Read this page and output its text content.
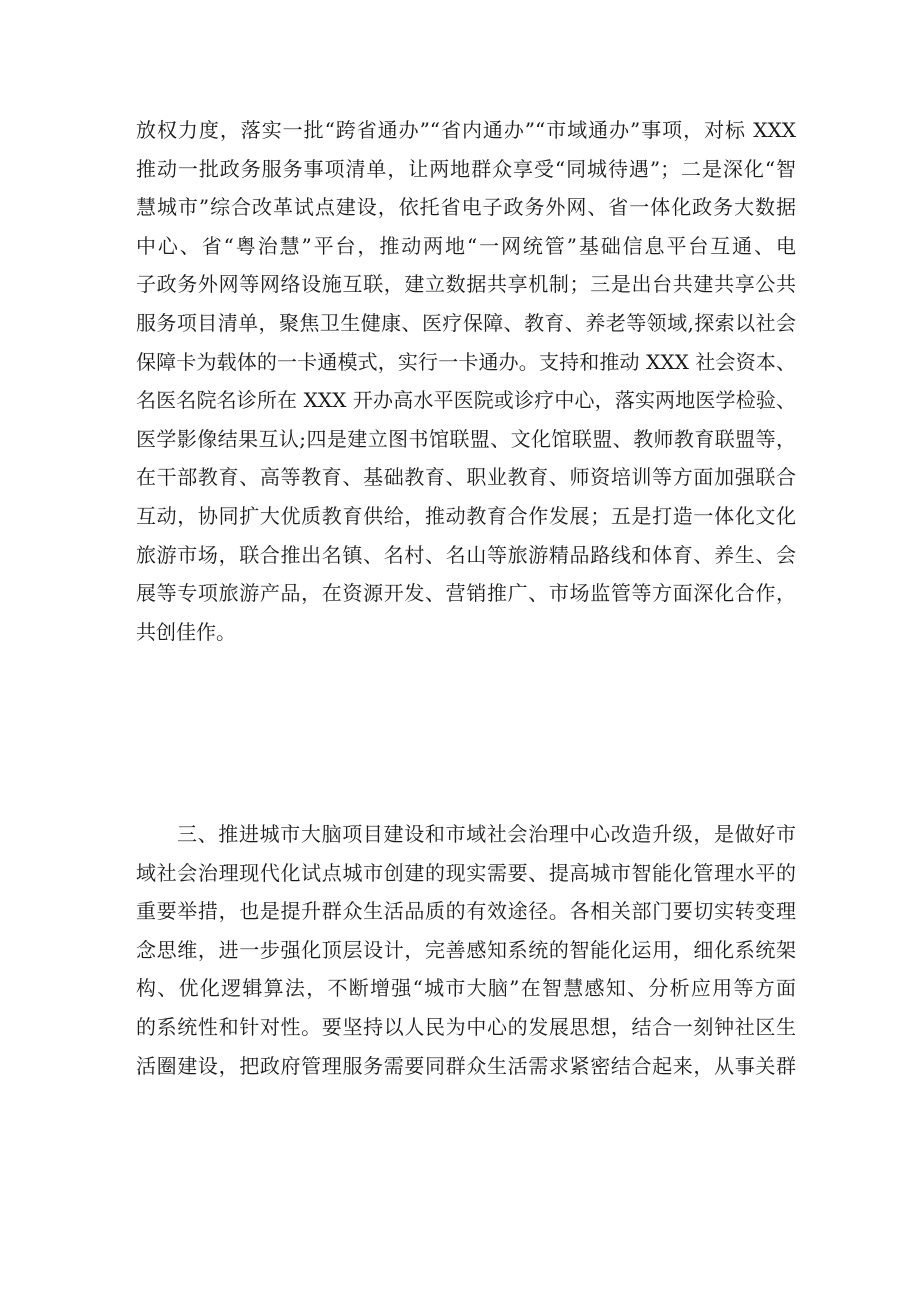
放权力度，落实一批“跨省通办”“省内通办”“市域通办”事项，对标 XXX
推动一批政务服务事项清单，让两地群众享受“同城待遇”；二是深化“智
慧城市”综合改革试点建设，依托省电子政务外网、省一体化政务大数据
中心、省“粤治慧”平台，推动两地“一网统管”基础信息平台互通、电
子政务外网等网络设施互联，建立数据共享机制；三是出台共建共享公共
服务项目清单，聚焦卫生健康、医疗保障、教育、养老等领域,探索以社会
保障卡为载体的一卡通模式，实行一卡通办。支持和推动 XXX 社会资本、
名医名院名诊所在 XXX 开办高水平医院或诊疗中心，落实两地医学检验、
医学影像结果互认;四是建立图书馆联盟、文化馆联盟、教师教育联盟等，
在干部教育、高等教育、基础教育、职业教育、师资培训等方面加强联合
互动，协同扩大优质教育供给，推动教育合作发展；五是打造一体化文化
旅游市场，联合推出名镇、名村、名山等旅游精品路线和体育、养生、会
展等专项旅游产品，在资源开发、营销推广、市场监管等方面深化合作，
共创佳作。
三、推进城市大脑项目建设和市域社会治理中心改造升级，是做好市
域社会治理现代化试点城市创建的现实需要、提高城市智能化管理水平的
重要举措，也是提升群众生活品质的有效途径。各相关部门要切实转变理
念思维，进一步强化顶层设计，完善感知系统的智能化运用，细化系统架
构、优化逻辑算法，不断增强“城市大脑”在智慧感知、分析应用等方面
的系统性和针对性。要坚持以人民为中心的发展思想，结合一刻钟社区生
活圈建设，把政府管理服务需要同群众生活需求紧密结合起来，从事关群
